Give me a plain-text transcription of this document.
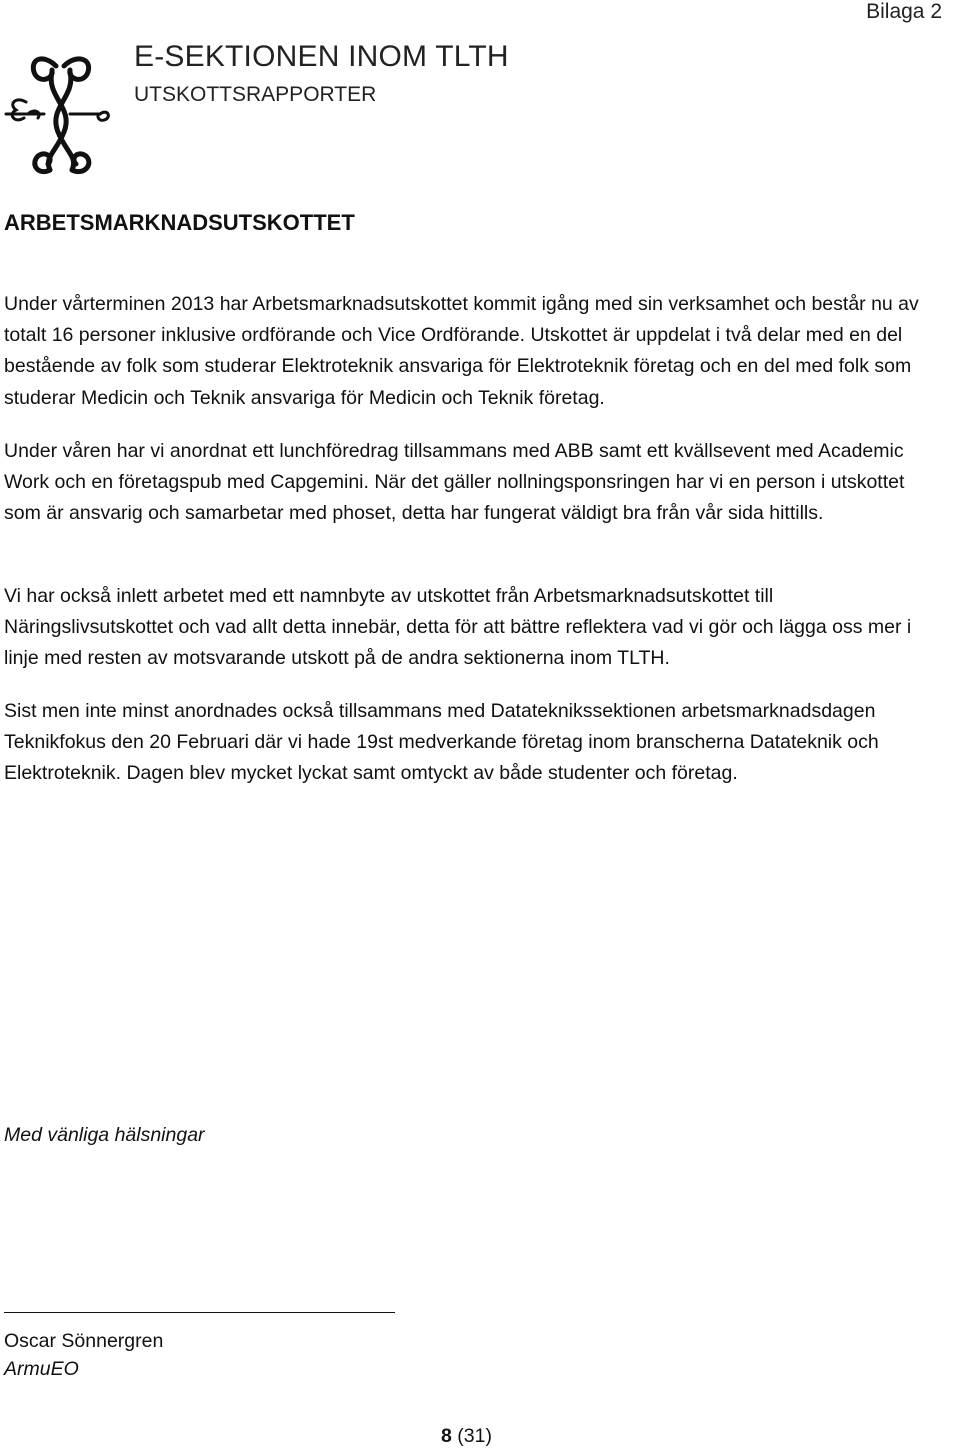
Bilaga 2
E-SEKTIONEN INOM TLTH
UTSKOTTSRAPPORTER
ARBETSMARKNADSUTSKOTTET

Under vårterminen 2013 har Arbetsmarknadsutskottet kommit igång med sin verksamhet och består nu av totalt 16 personer inklusive ordförande och Vice Ordförande. Utskottet är uppdelat i två delar med en del bestående av folk som studerar Elektroteknik ansvariga för Elektroteknik företag och en del med folk som studerar Medicin och Teknik ansvariga för Medicin och Teknik företag.

Under våren har vi anordnat ett lunchföredrag tillsammans med ABB samt ett kvällsevent med Academic Work och en företagspub med Capgemini. När det gäller nollningsponsringen har vi en person i utskottet som är ansvarig och samarbetar med phoset, detta har fungerat väldigt bra från vår sida hittills.

Vi har också inlett arbetet med ett namnbyte av utskottet från Arbetsmarknadsutskottet till Näringslivsutskottet och vad allt detta innebär, detta för att bättre reflektera vad vi gör och lägga oss mer i linje med resten av motsvarande utskott på de andra sektionerna inom TLTH.

Sist men inte minst anordnades också tillsammans med Datateknikssektionen arbetsmarknadsdagen Teknikfokus den 20 Februari där vi hade 19st medverkande företag inom branscherna Datateknik och Elektroteknik. Dagen blev mycket lyckat samt omtyckt av både studenter och företag.

Med vänliga hälsningar
Oscar Sönnergren
ArmuEO
8 (31)
